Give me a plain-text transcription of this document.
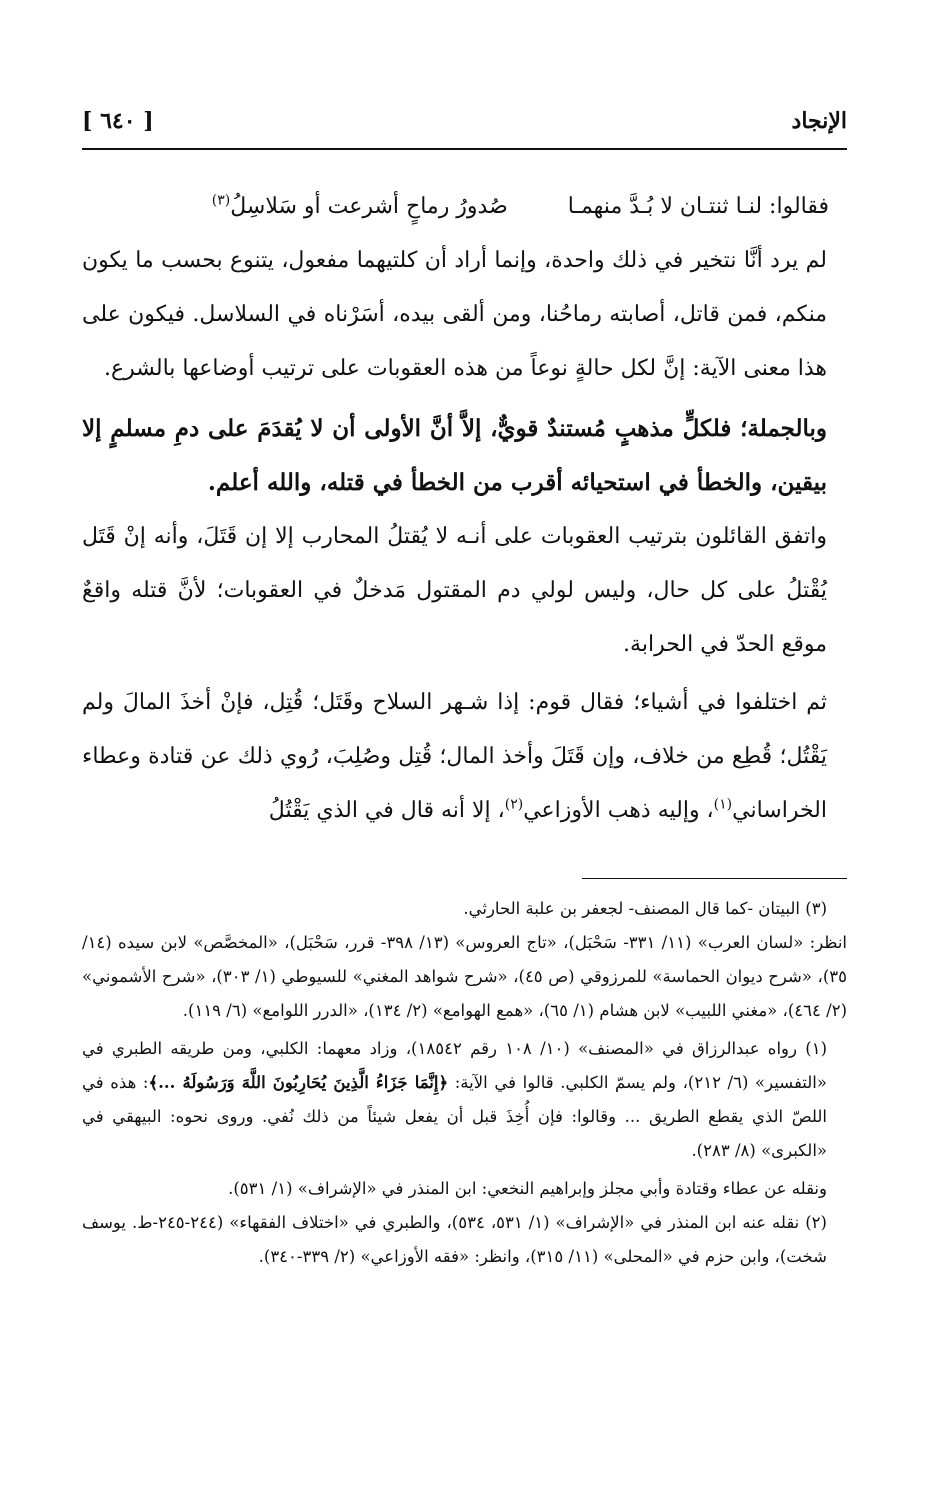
الإنجاد
[ ٦٤٠ ]

فقالوا: لنـا ثنتـان لا بُـدَّ منهمـا
صُدورُ رماحٍ أشرعت أو سَلاسِلُ$^{(٣)}$

لم يرد أنَّا نتخير في ذلك واحدة، وإنما أراد أن كلتيهما مفعول، يتنوع بحسب ما يكون منكم، فمن قاتل، أصابته رماحُنا، ومن ألقى بيده، أسَرْناه في السلاسل. فيكون على هذا معنى الآية: إنَّ لكل حالةٍ نوعاً من هذه العقوبات على ترتيب أوضاعها بالشرع.

وبالجملة؛ فلكلٍّ مذهبٍ مُستندٌ قويٌّ، إلاَّ أنَّ الأولى أن لا يُقدَمَ على دمِ مسلمٍ إلا بيقين، والخطأ في استحيائه أقرب من الخطأ في قتله، والله أعلم.

واتفق القائلون بترتيب العقوبات على أنـه لا يُقتلُ المحارب إلا إن قَتَلَ، وأنه إنْ قَتَل يُقْتلُ على كل حال، وليس لولي دم المقتول مَدخلٌ في العقوبات؛ لأنَّ قتله واقعٌ موقع الحدّ في الحرابة.

ثم اختلفوا في أشياء؛ فقال قوم: إذا شـهر السلاح وقَتَل؛ قُتِل، فإنْ أخذَ المالَ ولم يَقْتُل؛ قُطِع من خلاف، وإن قَتَلَ وأخذ المال؛ قُتِل وصُلِبَ، رُوي ذلك عن قتادة وعطاء الخراساني$^{(١)}$، وإليه ذهب الأوزاعي$^{(٢)}$، إلا أنه قال في الذي يَقْتُلُ

(٣) البيتان -كما قال المصنف- لجعفر بن علبة الحارثي.

انظر: «لسان العرب» (١١/ ٣٣١- سَحْبَل)، «تاج العروس» (١٣/ ٣٩٨- قرر، سَحْبَل)، «المخصَّص» لابن سيده (١٤/ ٣٥)، «شرح ديوان الحماسة» للمرزوقي (ص ٤٥)، «شرح شواهد المغني» للسيوطي (١/ ٣٠٣)، «شرح الأشموني» (٢/ ٤٦٤)، «مغني اللبيب» لابن هشام (١/ ٦٥)، «همع الهوامع» (٢/ ١٣٤)، «الدرر اللوامع» (٦/ ١١٩).

(١) رواه عبدالرزاق في «المصنف» (١٠/ ١٠٨ رقم ١٨٥٤٢)، وزاد معهما: الكلبي، ومن طريقه الطبري في «التفسير» (٦/ ٢١٢)، ولم يسمّ الكلبي. قالوا في الآية: ﴿إِنَّمَا جَزَاءُ الَّذِينَ يُحَارِبُونَ اللَّهَ وَرَسُولَهُ ...﴾: هذه في اللصّ الذي يقطع الطريق ... وقالوا: فإن أُخِذَ قبل أن يفعل شيئاً من ذلك نُفي. وروى نحوه: البيهقي في «الكبرى» (٨/ ٢٨٣).

ونقله عن عطاء وقتادة وأبي مجلز وإبراهيم النخعي: ابن المنذر في «الإشراف» (١/ ٥٣١).

(٢) نقله عنه ابن المنذر في «الإشراف» (١/ ٥٣١، ٥٣٤)، والطبري في «اختلاف الفقهاء» (٢٤٤-٢٤٥-ط. يوسف شخت)، وابن حزم في «المحلى» (١١/ ٣١٥)، وانظر: «فقه الأوزاعي» (٢/ ٣٣٩-٣٤٠).
